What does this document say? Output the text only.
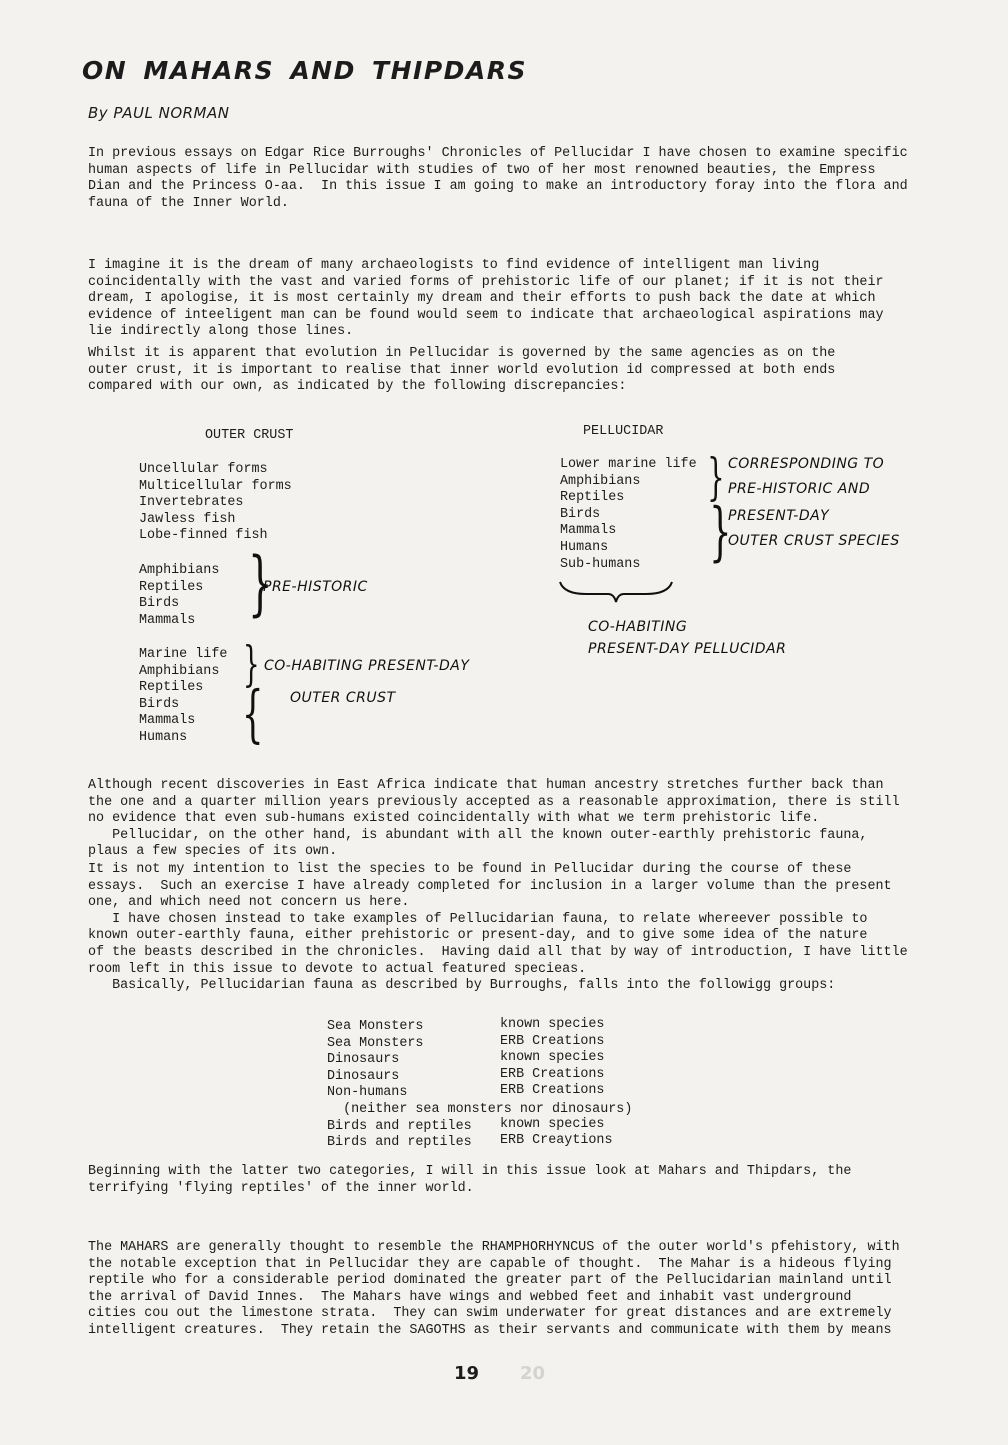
ON MAHARS AND THIPDARS
By PAUL NORMAN

In previous essays on Edgar Rice Burroughs' Chronicles of Pellucidar I have chosen to examine specific
human aspects of life in Pellucidar with studies of two of her most renowned beauties, the Empress
Dian and the Princess O-aa.  In this issue I am going to make an introductory foray into the flora and
fauna of the Inner World.

I imagine it is the dream of many archaeologists to find evidence of intelligent man living
coincidentally with the vast and varied forms of prehistoric life of our planet; if it is not their
dream, I apologise, it is most certainly my dream and their efforts to push back the date at which
evidence of inteeligent man can be found would seem to indicate that archaeological aspirations may
lie indirectly along those lines.

Whilst it is apparent that evolution in Pellucidar is governed by the same agencies as on the
outer crust, it is important to realise that inner world evolution id compressed at both ends
compared with our own, as indicated by the following discrepancies:

OUTER CRUST	PELLUCIDAR
Uncellular forms
Multicellular forms
Invertebrates
Jawless fish
Lobe-finned fish
Amphibians
Reptiles
Birds
Mammals
Marine life
Amphibians
Reptiles
Birds
Mammals
Humans
Lower marine life
Amphibians
Reptiles
Birds
Mammals
Humans
Sub-humans
}
}
{
}
}
PRE-HISTORIC
CO-HABITING PRESENT-DAY
OUTER CRUST
CORRESPONDING TO
PRE-HISTORIC AND
PRESENT-DAY
OUTER CRUST SPECIES
CO-HABITING
PRESENT-DAY PELLUCIDAR

Although recent discoveries in East Africa indicate that human ancestry stretches further back than
the one and a quarter million years previously accepted as a reasonable approximation, there is still
no evidence that even sub-humans existed coincidentally with what we term prehistoric life.
Pellucidar, on the other hand, is abundant with all the known outer-earthly prehistoric fauna,
plaus a few species of its own.

It is not my intention to list the species to be found in Pellucidar during the course of these
essays.  Such an exercise I have already completed for inclusion in a larger volume than the present
one, and which need not concern us here.
I have chosen instead to take examples of Pellucidarian fauna, to relate whereever possible to
known outer-earthly fauna, either prehistoric or present-day, and to give some idea of the nature
of the beasts described in the chronicles.  Having daid all that by way of introduction, I have little
room left in this issue to devote to actual featured specieas.
Basically, Pellucidarian fauna as described by Burroughs, falls into the followigg groups:

Sea Monsters
Sea Monsters
Dinosaurs
Dinosaurs
Non-humans
(neither sea monsters nor dinosaurs)
Birds and reptiles
Birds and reptiles
known species
ERB Creations
known species
ERB Creations
ERB Creations

known species
ERB Creaytions

Beginning with the latter two categories, I will in this issue look at Mahars and Thipdars, the
terrifying 'flying reptiles' of the inner world.

The MAHARS are generally thought to resemble the RHAMPHORHYNCUS of the outer world's pfehistory, with
the notable exception that in Pellucidar they are capable of thought.  The Mahar is a hideous flying
reptile who for a considerable period dominated the greater part of the Pellucidarian mainland until
the arrival of David Innes.  The Mahars have wings and webbed feet and inhabit vast underground
cities cou out the limestone strata.  They can swim underwater for great distances and are extremely
intelligent creatures.  They retain the SAGOTHS as their servants and communicate with them by means

19 20
